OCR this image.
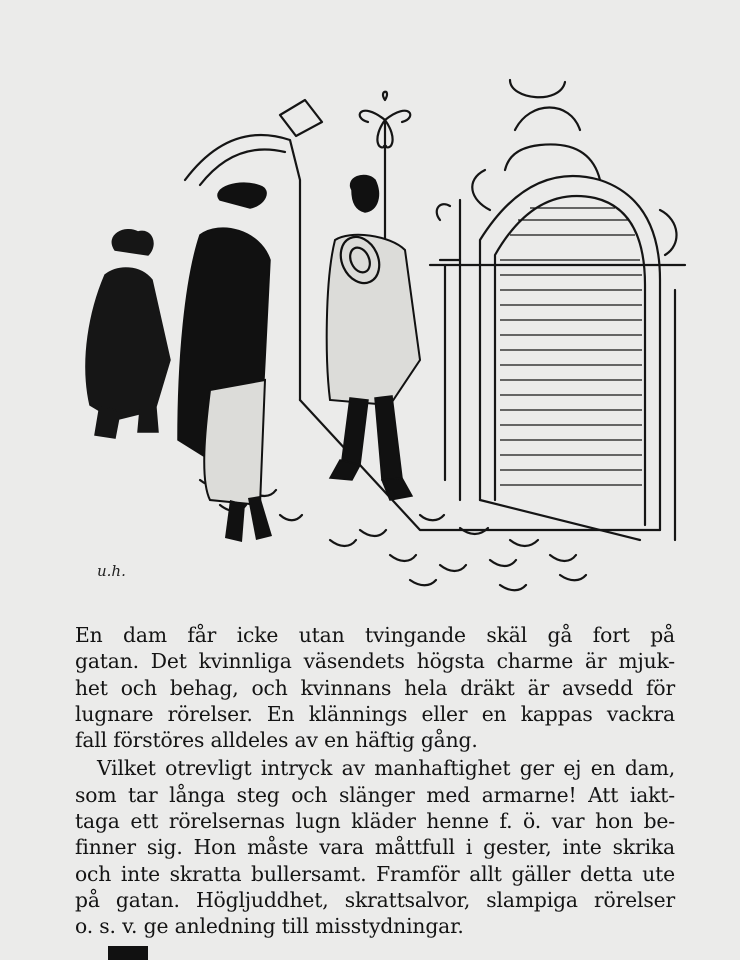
u.h.

En dam får icke utan tvingande skäl gå fort på
gatan. Det kvinnliga väsendets högsta charme är mjuk-
het och behag, och kvinnans hela dräkt är avsedd för
lugnare rörelser. En klännings eller en kappas vackra
fall förstöres alldeles av en häftig gång.

Vilket otrevligt intryck av manhaftighet ger ej en dam,
som tar långa steg och slänger med armarne! Att iakt-
taga ett rörelsernas lugn kläder henne f. ö. var hon be-
finner sig. Hon måste vara måttfull i gester, inte skrika
och inte skratta bullersamt. Framför allt gäller detta ute
på gatan. Högljuddhet, skrattsalvor, slampiga rörelser
o. s. v. ge anledning till misstydningar.
